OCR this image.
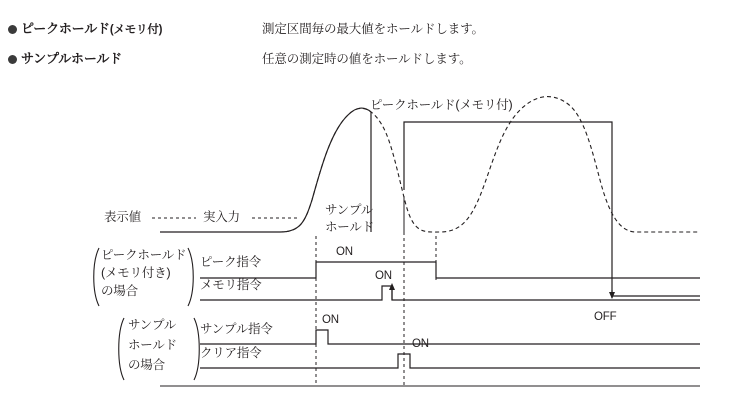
ピークホールド(メモリ付)	測定区間毎の最大値をホールドします。
サンプルホールド	任意の測定時の値をホールドします。
ピークホールド(メモリ付)
表示値	実入力	サンプル
ホールド
ピークホールド
(メモリ付き)
の場合
サンプル
ホールド
の場合
ピーク指令
メモリ指令
サンプル指令
クリア指令
ON
ON
ON
ON
OFF
